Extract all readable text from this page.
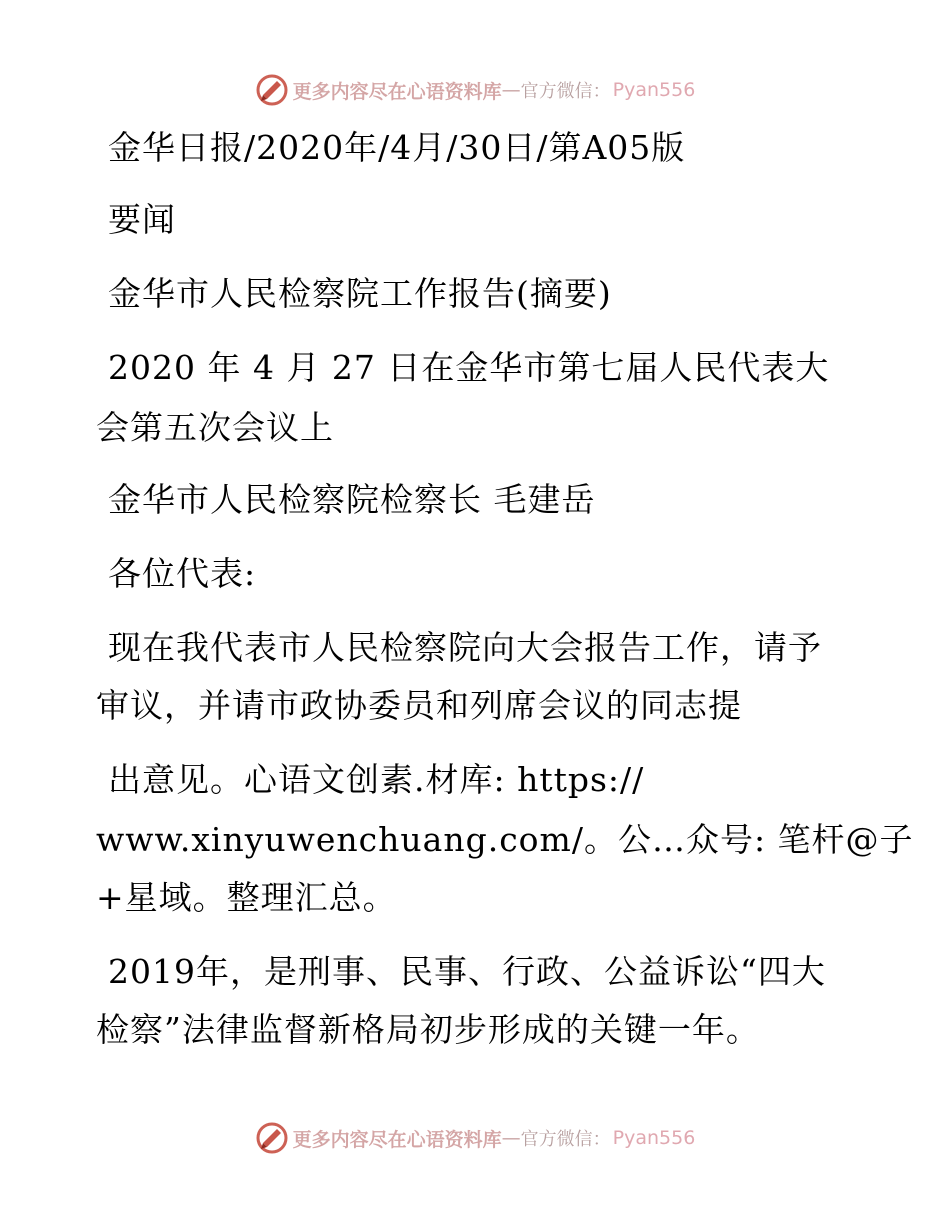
更多内容尽在心语资料库 — 官方微信： Pyan556
金华日报/2020年/4月/30日/第A05版
要闻
金华市人民检察院工作报告(摘要)
2020 年 4 月 27 日在金华市第七届人民代表大
会第五次会议上
金华市人民检察院检察长 毛建岳
各位代表:
现在我代表市人民检察院向大会报告工作，请予
审议，并请市政协委员和列席会议的同志提
出意见。心语文创素.材库: https://
www.xinyuwenchuang.com/。公…众号: 笔杆@子
+星域。整理汇总。
2019年，是刑事、民事、行政、公益诉讼“四大
检察”法律监督新格局初步形成的关键一年。
更多内容尽在心语资料库 — 官方微信： Pyan556
